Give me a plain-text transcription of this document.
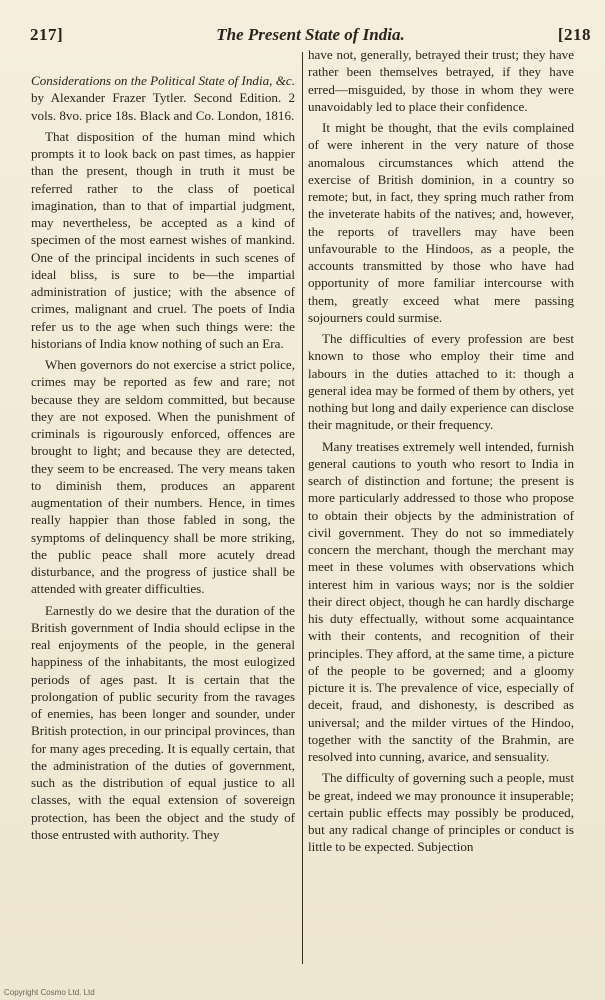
217]	The Present State of India.	[218
Considerations on the Political State of India, &c. by Alexander Frazer Tytler. Second Edition. 2 vols. 8vo. price 18s. Black and Co. London, 1816.

That disposition of the human mind which prompts it to look back on past times, as happier than the present, though in truth it must be referred rather to the class of poetical imagination, than to that of impartial judgment, may nevertheless, be accepted as a kind of specimen of the most earnest wishes of mankind. One of the principal incidents in such scenes of ideal bliss, is sure to be—the impartial administration of justice; with the absence of crimes, malignant and cruel. The poets of India refer us to the age when such things were: the historians of India know nothing of such an Era.

When governors do not exercise a strict police, crimes may be reported as few and rare; not because they are seldom committed, but because they are not exposed. When the punishment of criminals is rigourously enforced, offences are brought to light; and because they are detected, they seem to be encreased. The very means taken to diminish them, produces an apparent augmentation of their numbers. Hence, in times really happier than those fabled in song, the symptoms of delinquency shall be more striking, the public peace shall more acutely dread disturbance, and the progress of justice shall be attended with greater difficulties.

Earnestly do we desire that the duration of the British government of India should eclipse in the real enjoyments of the people, in the general happiness of the inhabitants, the most eulogized periods of ages past. It is certain that the prolongation of public security from the ravages of enemies, has been longer and sounder, under British protection, in our principal provinces, than for many ages preceding. It is equally certain, that the administration of the duties of government, such as the distribution of equal justice to all classes, with the equal extension of sovereign protection, has been the object and the study of those entrusted with authority. They

have not, generally, betrayed their trust; they have rather been themselves betrayed, if they have erred—misguided, by those in whom they were unavoidably led to place their confidence.

It might be thought, that the evils complained of were inherent in the very nature of those anomalous circumstances which attend the exercise of British dominion, in a country so remote; but, in fact, they spring much rather from the inveterate habits of the natives; and, however, the reports of travellers may have been unfavourable to the Hindoos, as a people, the accounts transmitted by those who have had opportunity of more familiar intercourse with them, greatly exceed what mere passing sojourners could surmise.

The difficulties of every profession are best known to those who employ their time and labours in the duties attached to it: though a general idea may be formed of them by others, yet nothing but long and daily experience can disclose their magnitude, or their frequency.

Many treatises extremely well intended, furnish general cautions to youth who resort to India in search of distinction and fortune; the present is more particularly addressed to those who propose to obtain their objects by the administration of civil government. They do not so immediately concern the merchant, though the merchant may meet in these volumes with observations which interest him in various ways; nor is the soldier their direct object, though he can hardly discharge his duty effectually, without some acquaintance with their contents, and recognition of their principles. They afford, at the same time, a picture of the people to be governed; and a gloomy picture it is. The prevalence of vice, especially of deceit, fraud, and dishonesty, is described as universal; and the milder virtues of the Hindoo, together with the sanctity of the Brahmin, are resolved into cunning, avarice, and sensuality.

The difficulty of governing such a people, must be great, indeed we may pronounce it insuperable; certain public effects may possibly be produced, but any radical change of principles or conduct is little to be expected. Subjection

Copyright Cosmo Ltd. Ltd
